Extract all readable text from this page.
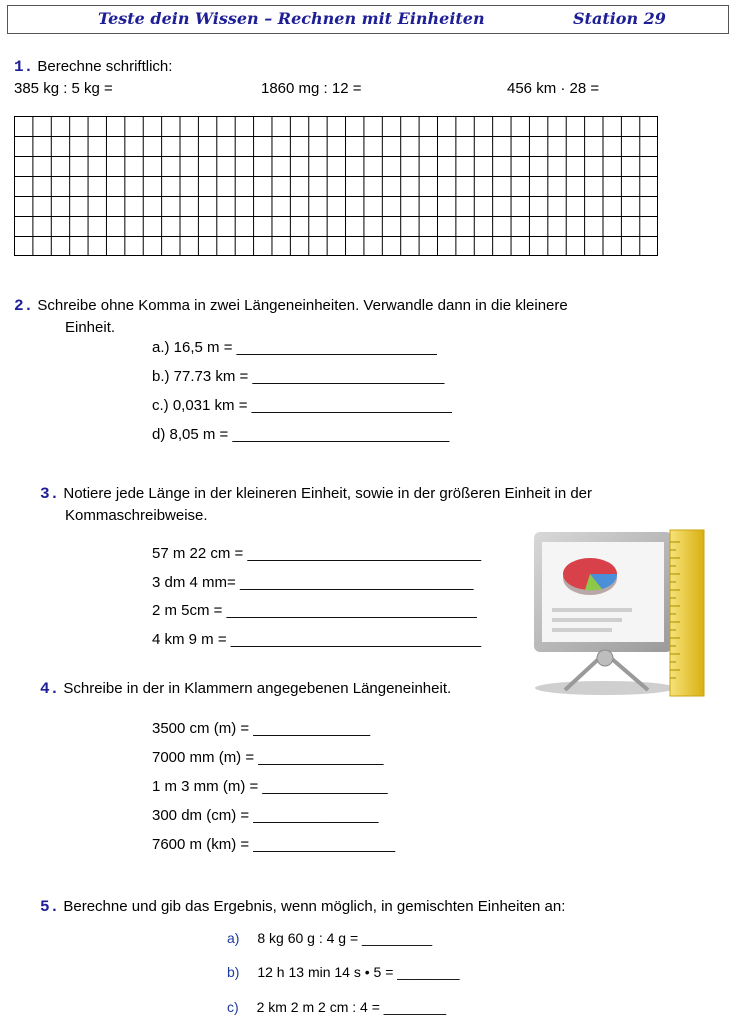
Teste dein Wissen – Rechnen mit Einheiten	Station 29
1. Berechne schriftlich:
385 kg : 5 kg =	1860 mg : 12 =	456 km · 28 =
2. Schreibe ohne Komma in zwei Längeneinheiten. Verwandle dann in die kleinere
Einheit.
a.) 16,5 m = ________________________
b.) 77.73 km = _______________________
c.) 0,031 km = ________________________
d) 8,05 m = __________________________
3. Notiere jede Länge in der kleineren Einheit, sowie in der größeren Einheit in der
Kommaschreibweise.
57 m 22 cm = ____________________________
3 dm 4 mm= ____________________________
2 m 5cm = ______________________________
4 km 9 m = ______________________________
4. Schreibe in der in Klammern angegebenen Längeneinheit.
3500 cm (m) = ______________
7000 mm (m) = _______________
1 m 3 mm (m) = _______________
300 dm (cm) = _______________
7600 m (km) = _________________
5. Berechne und gib das Ergebnis, wenn möglich, in gemischten Einheiten an:
a) 8 kg 60 g : 4 g = _________
b) 12 h 13 min 14 s • 5 = ________
c) 2 km 2 m 2 cm : 4 = ________
